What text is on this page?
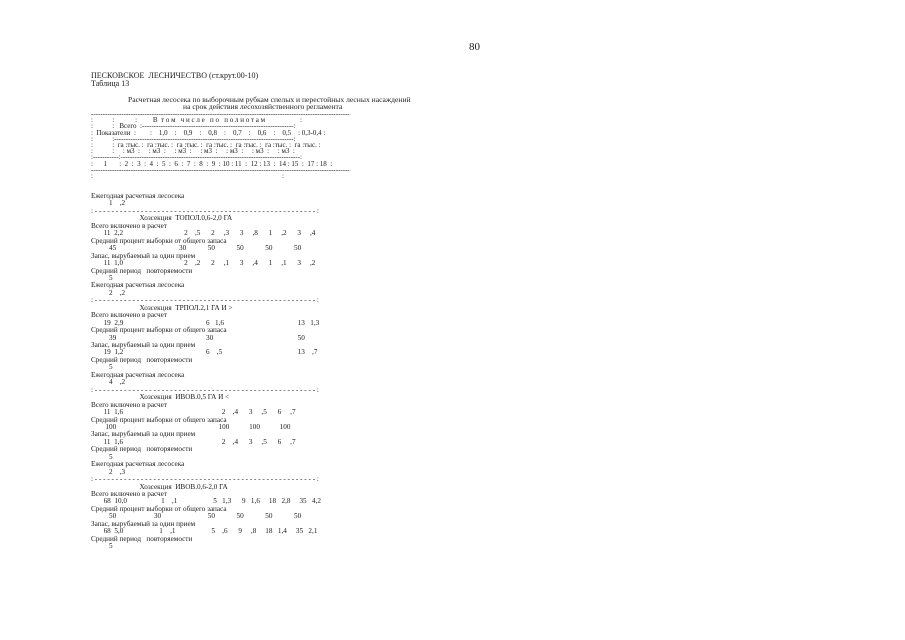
80
ПЕСКОВСКОЕ  ЛЕСНИЧЕСТВО (ст.крут.00-10)
Таблица 13
Расчетная лесосека по выборочным рубкам спелых и перестойных лесных насаждений
на срок действия лесохозяйственного регламента
---------------------------------------------------------------------------------------------------------------
:           :            :         В  т о м   ч и с л е   п о   п о л н о т а м                    :
:           :   Всего  :-----------------------------------------------------------------:
:  Показатели  :        :    1,0    :    0,9    :    0,8    :    0,7    :    0,6    :    0,5    : 0,3-0,4 :
:           :-----------------------------------------------------------------------------:
:           :  га :тыс. :  га :тыс. :  га :тыс. :  га :тыс. :  га :тыс. :  га :тыс. :  га :тыс. :
:           :     : м3  :     : м3  :     : м3  :     : м3  :     : м3  :     : м3  :     : м3  :
:-----------:-----------------------------------------------------------------------------:
:      1       :  2  :  3  :  4  :  5  :  6  :  7  :  8  :  9  : 10 : 11  :  12 : 13  :  14 : 15  :  17 : 18  :
---------------------------------------------------------------------------------------------------------------
:                                                                                                            :
Ежегодная расчетная лесосека
1    ,2
: - - - - - - - - - - - - - - - - - - - - - - - - - - - - - - - - - - - - - - - - - - - - - - - - - - - - - :
Хозсекция  ТОПОЛ.0,6-2,0 ГА
Всего включено в расчет
11  2,2                                  2    ,5      2     ,3      3     ,8      1     ,2      3     ,4
Средний процент выборки от общего запаса
45                                   30            50            50            50            50
Запас, вырубаемый за один прием
11  1,0                                  2    ,2      2     ,1      3     ,4      1     ,1      3     ,2
Средний период   повторяемости
5
Ежегодная расчетная лесосека
2    ,2
: - - - - - - - - - - - - - - - - - - - - - - - - - - - - - - - - - - - - - - - - - - - - - - - - - - - - - :
Хозсекция  ТРПОЛ.2,1 ГА И >
Всего включено в расчет
19  2,9                                              6   1,6                                         13   1,3
Средний процент выборки от общего запаса
39                                                  30                                               50
Запас, вырубаемый за один прием
19  1,2                                              6    ,5                                          13    ,7
Средний период   повторяемости
5
Ежегодная расчетная лесосека
4    ,2
: - - - - - - - - - - - - - - - - - - - - - - - - - - - - - - - - - - - - - - - - - - - - - - - - - - - - - :
Хозсекция  ИВОВ.0,5 ГА И <
Всего включено в расчет
11  1,6                                                       2    ,4      3     ,5      6     ,7
Средний процент выборки от общего запаса
100                                                         100           100           100
Запас, вырубаемый за один прием
11  1,6                                                       2    ,4      3     ,5      6     ,7
Средний период   повторяемости
5
Ежегодная расчетная лесосека
2    ,3
: - - - - - - - - - - - - - - - - - - - - - - - - - - - - - - - - - - - - - - - - - - - - - - - - - - - - - :
Хозсекция  ИВОВ.0,6-2,0 ГА
Всего включено в расчет
68  10,0                   1    ,1                    5   1,3      9   1,6     18   2,8     35   4,2
Средний процент выборки от общего запаса
50                     30                          50            50            50            50
Запас, вырубаемый за один прием
68  5,0                    1    ,1                    5    ,6      9     ,8     18   1,4     35   2,1
Средний период   повторяемости
5
